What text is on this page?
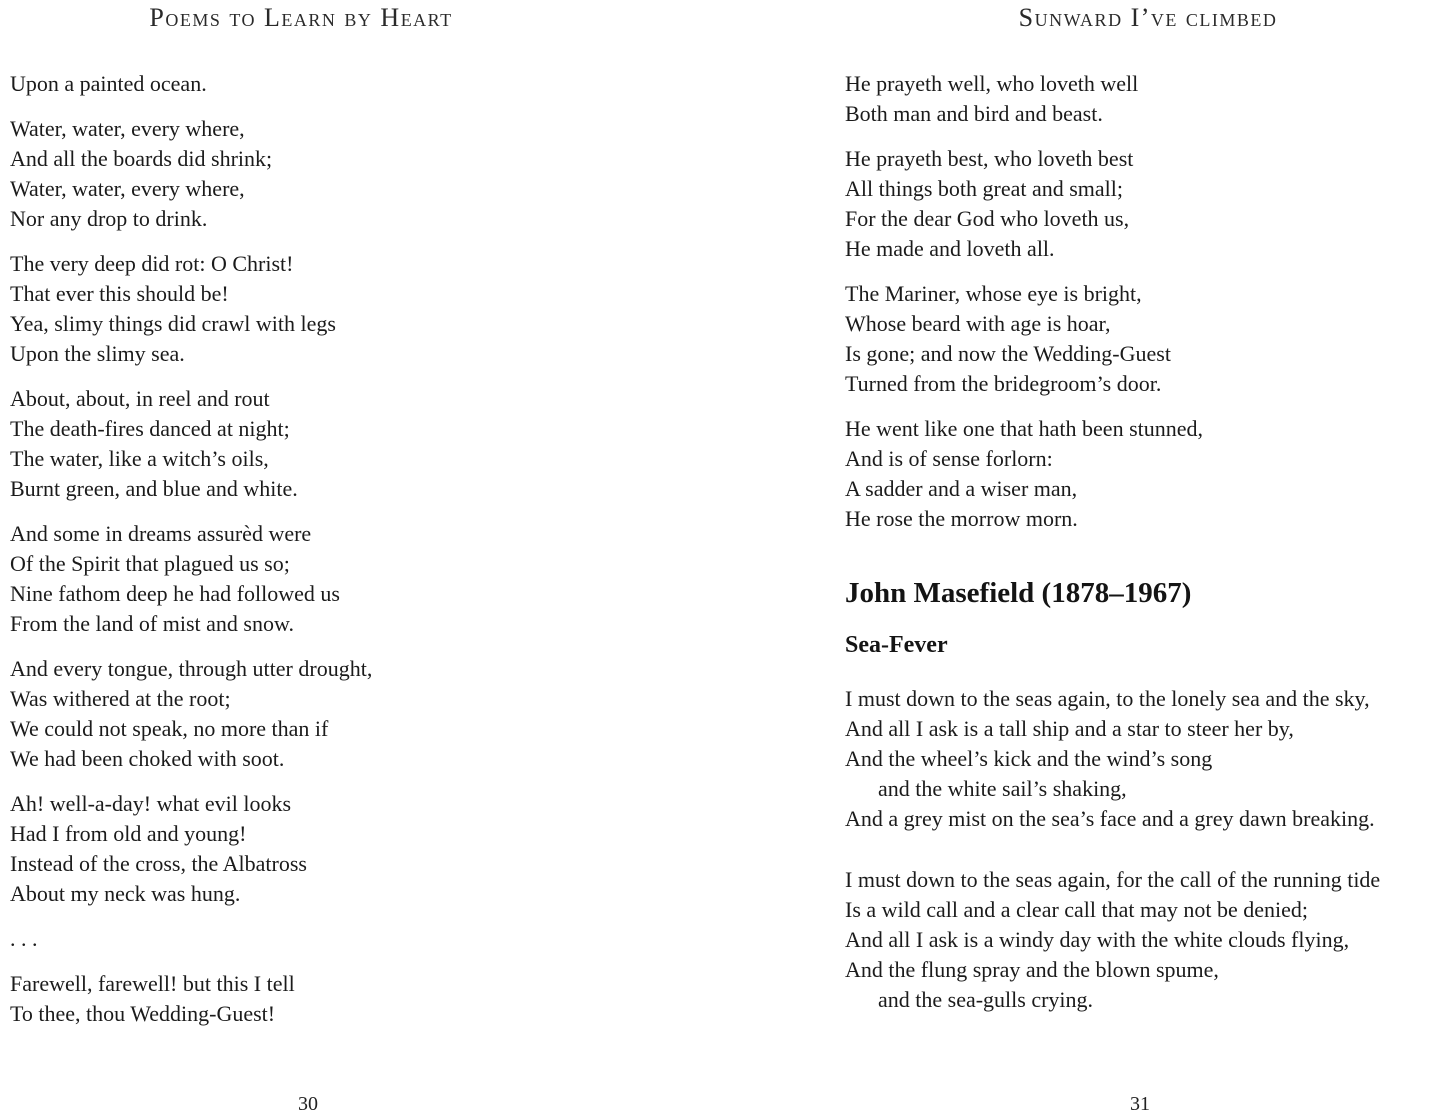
Poems to Learn by Heart

Upon a painted ocean.

Water, water, every where,
And all the boards did shrink;
Water, water, every where,
Nor any drop to drink.

The very deep did rot: O Christ!
That ever this should be!
Yea, slimy things did crawl with legs
Upon the slimy sea.

About, about, in reel and rout
The death-fires danced at night;
The water, like a witch’s oils,
Burnt green, and blue and white.

And some in dreams assurèd were
Of the Spirit that plagued us so;
Nine fathom deep he had followed us
From the land of mist and snow.

And every tongue, through utter drought,
Was withered at the root;
We could not speak, no more than if
We had been choked with soot.

Ah! well-a-day! what evil looks
Had I from old and young!
Instead of the cross, the Albatross
About my neck was hung.

. . .

Farewell, farewell! but this I tell
To thee, thou Wedding-Guest!

30
Sunward I’ve climbed

He prayeth well, who loveth well
Both man and bird and beast.

He prayeth best, who loveth best
All things both great and small;
For the dear God who loveth us,
He made and loveth all.

The Mariner, whose eye is bright,
Whose beard with age is hoar,
Is gone; and now the Wedding-Guest
Turned from the bridegroom’s door.

He went like one that hath been stunned,
And is of sense forlorn:
A sadder and a wiser man,
He rose the morrow morn.

John Masefield (1878–1967)
Sea-Fever

I must down to the seas again, to the lonely sea and the sky,
And all I ask is a tall ship and a star to steer her by,
And the wheel’s kick and the wind’s song
and the white sail’s shaking,
And a grey mist on the sea’s face and a grey dawn breaking.

I must down to the seas again, for the call of the running tide
Is a wild call and a clear call that may not be denied;
And all I ask is a windy day with the white clouds flying,
And the flung spray and the blown spume,
and the sea-gulls crying.

31
